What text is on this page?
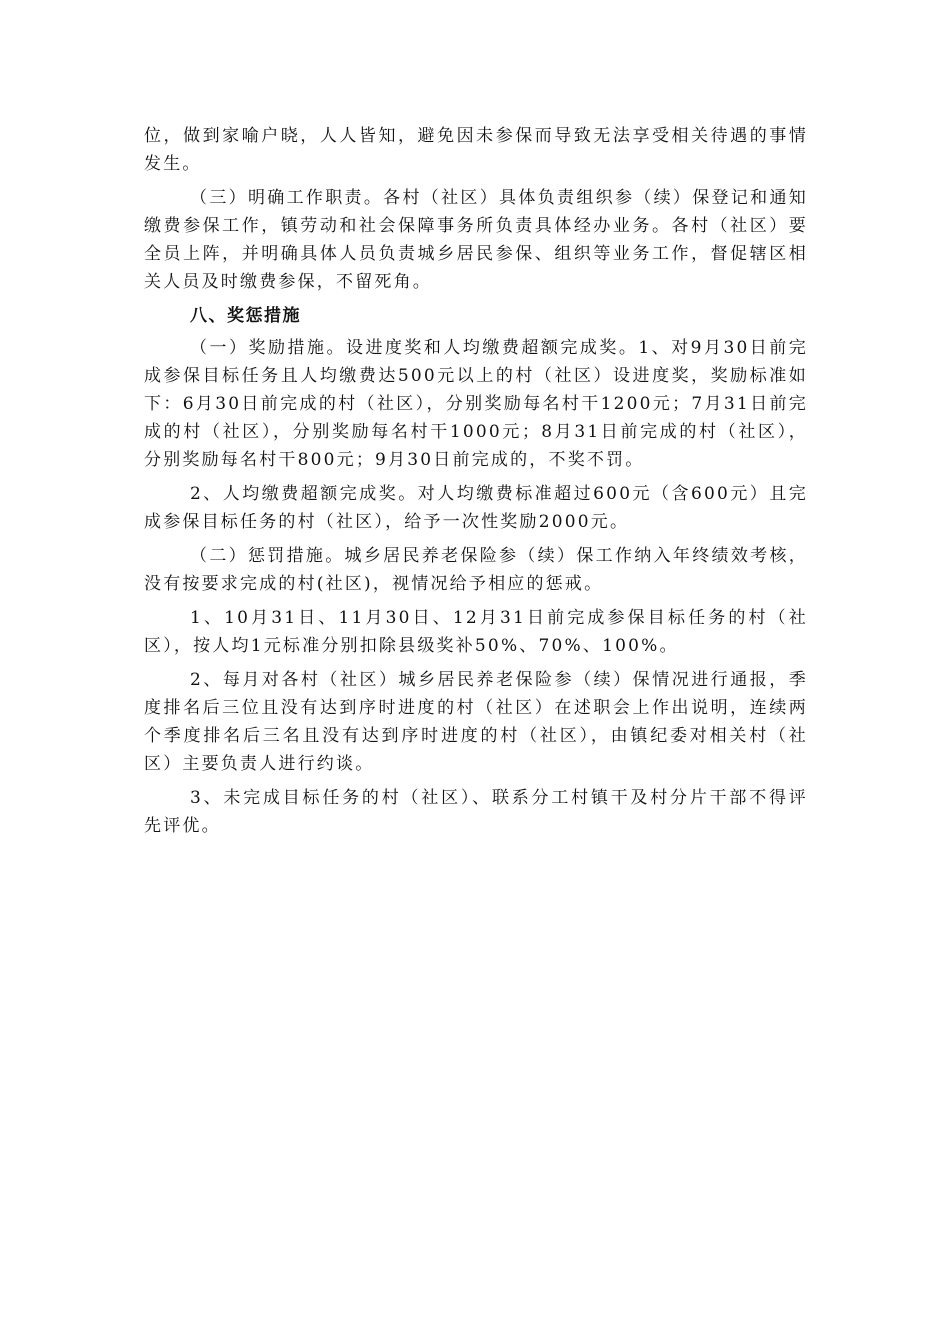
位，做到家喻户晓，人人皆知，避免因未参保而导致无法享受相关待遇的事情发生。

（三）明确工作职责。各村（社区）具体负责组织参（续）保登记和通知缴费参保工作，镇劳动和社会保障事务所负责具体经办业务。各村（社区）要全员上阵，并明确具体人员负责城乡居民参保、组织等业务工作，督促辖区相关人员及时缴费参保，不留死角。

八、奖惩措施

（一）奖励措施。设进度奖和人均缴费超额完成奖。1、对9月30日前完成参保目标任务且人均缴费达500元以上的村（社区）设进度奖，奖励标准如下：6月30日前完成的村（社区），分别奖励每名村干1200元；7月31日前完成的村（社区），分别奖励每名村干1000元；8月31日前完成的村（社区），分别奖励每名村干800元；9月30日前完成的，不奖不罚。

2、人均缴费超额完成奖。对人均缴费标准超过600元（含600元）且完成参保目标任务的村（社区），给予一次性奖励2000元。

（二）惩罚措施。城乡居民养老保险参（续）保工作纳入年终绩效考核，没有按要求完成的村(社区)，视情况给予相应的惩戒。

1、10月31日、11月30日、12月31日前完成参保目标任务的村（社区），按人均1元标准分别扣除县级奖补50%、70%、100%。

2、每月对各村（社区）城乡居民养老保险参（续）保情况进行通报，季度排名后三位且没有达到序时进度的村（社区）在述职会上作出说明，连续两个季度排名后三名且没有达到序时进度的村（社区），由镇纪委对相关村（社区）主要负责人进行约谈。

3、未完成目标任务的村（社区）、联系分工村镇干及村分片干部不得评先评优。
